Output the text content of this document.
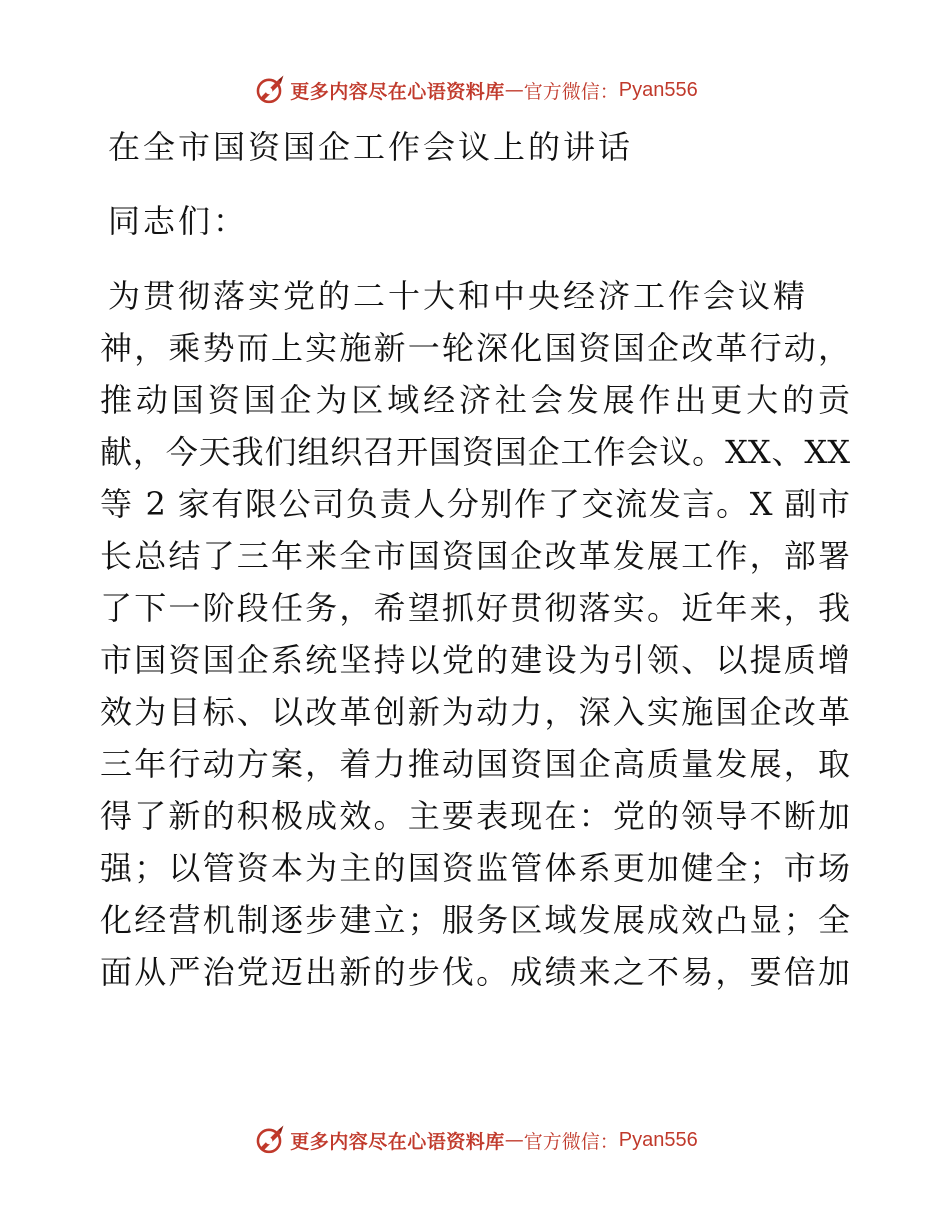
更多内容尽在心语资料库 — 官方微信： Pyan556
在全市国资国企工作会议上的讲话
同志们：
为贯彻落实党的二十大和中央经济工作会议精
神，乘势而上实施新一轮深化国资国企改革行动，
推动国资国企为区域经济社会发展作出更大的贡
献，今天我们组织召开国资国企工作会议。XX、XX
等 2 家有限公司负责人分别作了交流发言。X 副市
长总结了三年来全市国资国企改革发展工作，部署
了下一阶段任务，希望抓好贯彻落实。近年来，我
市国资国企系统坚持以党的建设为引领、以提质增
效为目标、以改革创新为动力，深入实施国企改革
三年行动方案，着力推动国资国企高质量发展，取
得了新的积极成效。主要表现在：党的领导不断加
强；以管资本为主的国资监管体系更加健全；市场
化经营机制逐步建立；服务区域发展成效凸显；全
面从严治党迈出新的步伐。成绩来之不易，要倍加
更多内容尽在心语资料库 — 官方微信： Pyan556
